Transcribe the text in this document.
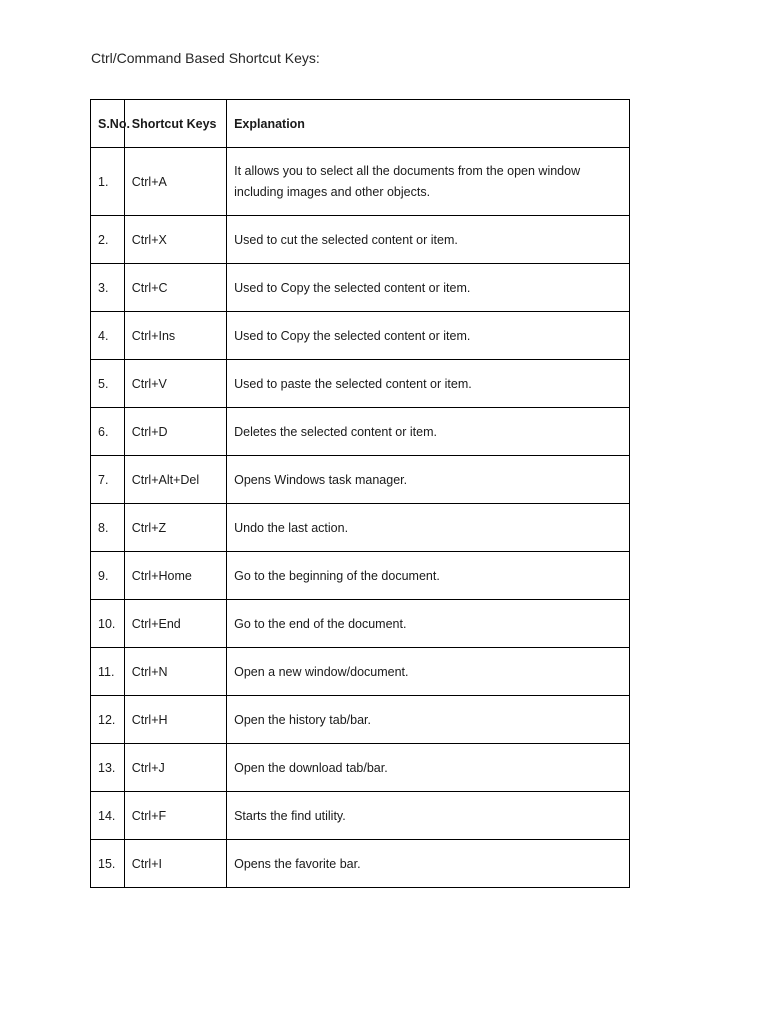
Ctrl/Command Based Shortcut Keys:
S.No.	Shortcut Keys	Explanation
1.	Ctrl+A	It allows you to select all the documents from the open window including images and other objects.
2.	Ctrl+X	Used to cut the selected content or item.
3.	Ctrl+C	Used to Copy the selected content or item.
4.	Ctrl+Ins	Used to Copy the selected content or item.
5.	Ctrl+V	Used to paste the selected content or item.
6.	Ctrl+D	Deletes the selected content or item.
7.	Ctrl+Alt+Del	Opens Windows task manager.
8.	Ctrl+Z	Undo the last action.
9.	Ctrl+Home	Go to the beginning of the document.
10.	Ctrl+End	Go to the end of the document.
11.	Ctrl+N	Open a new window/document.
12.	Ctrl+H	Open the history tab/bar.
13.	Ctrl+J	Open the download tab/bar.
14.	Ctrl+F	Starts the find utility.
15.	Ctrl+I	Opens the favorite bar.
